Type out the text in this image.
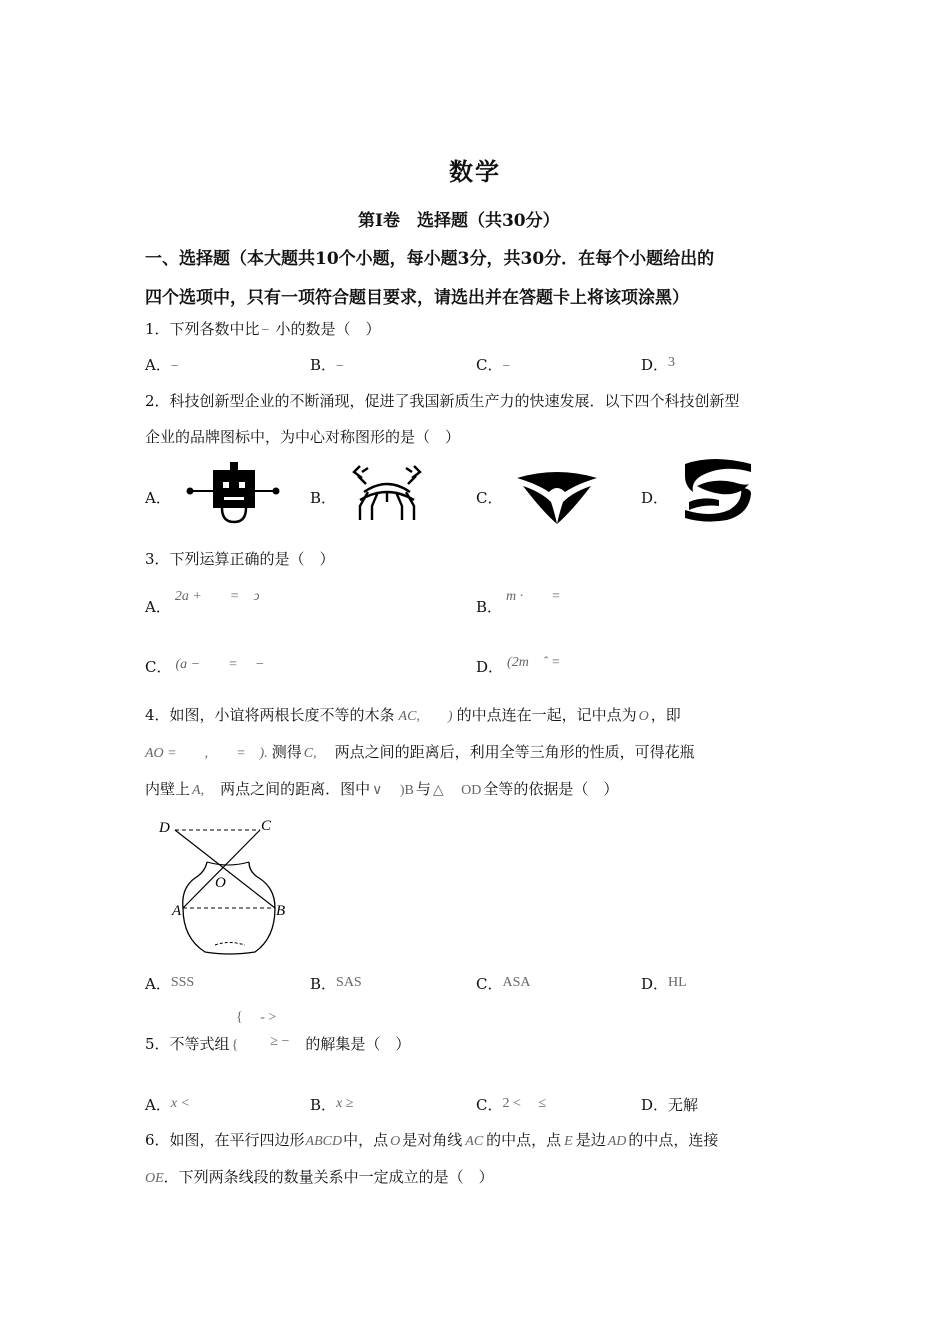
数学
第Ⅰ卷　选择题（共30分）
一、选择题（本大题共10个小题，每小题3分，共30分．在每个小题给出的
四个选项中，只有一项符合题目要求，请选出并在答题卡上将该项涂黑）
1．下列各数中比 − 小的数是（　）
A．−	B．−	C．−	D．3
2．科技创新型企业的不断涌现，促进了我国新质生产力的快速发展．以下四个科技创新型
企业的品牌图标中，为中心对称图形的是（　）
A．	B．	C．	D．
3．下列运算正确的是（　）
A．2a +　　=　ↄ
B．m ·　　=
C． (a −　　=　 −	D． (2m　ˆ =
4．如图，小谊将两根长度不等的木条 AC,　　) 的中点连在一起，记中点为 O ，即
AO =　　,　　=　). 测得 C, 两点之间的距离后，利用全等三角形的性质，可得花瓶
内壁上 A, 两点之间的距离．图中 ∨　 )B 与 △　 OD 全等的依据是（　）
D	C
O
A	B
A．SSS	B．SAS	C．ASA	D．HL
{　 - >
5．不等式组 { ≥ − 的解集是（　）
A．x <	B．x ≥	C．2 <　 ≤	D．无解
6．如图，在平行四边形ABCD中，点 O 是对角线 AC 的中点，点 E 是边 AD 的中点，连接
OE．下列两条线段的数量关系中一定成立的是（　）
